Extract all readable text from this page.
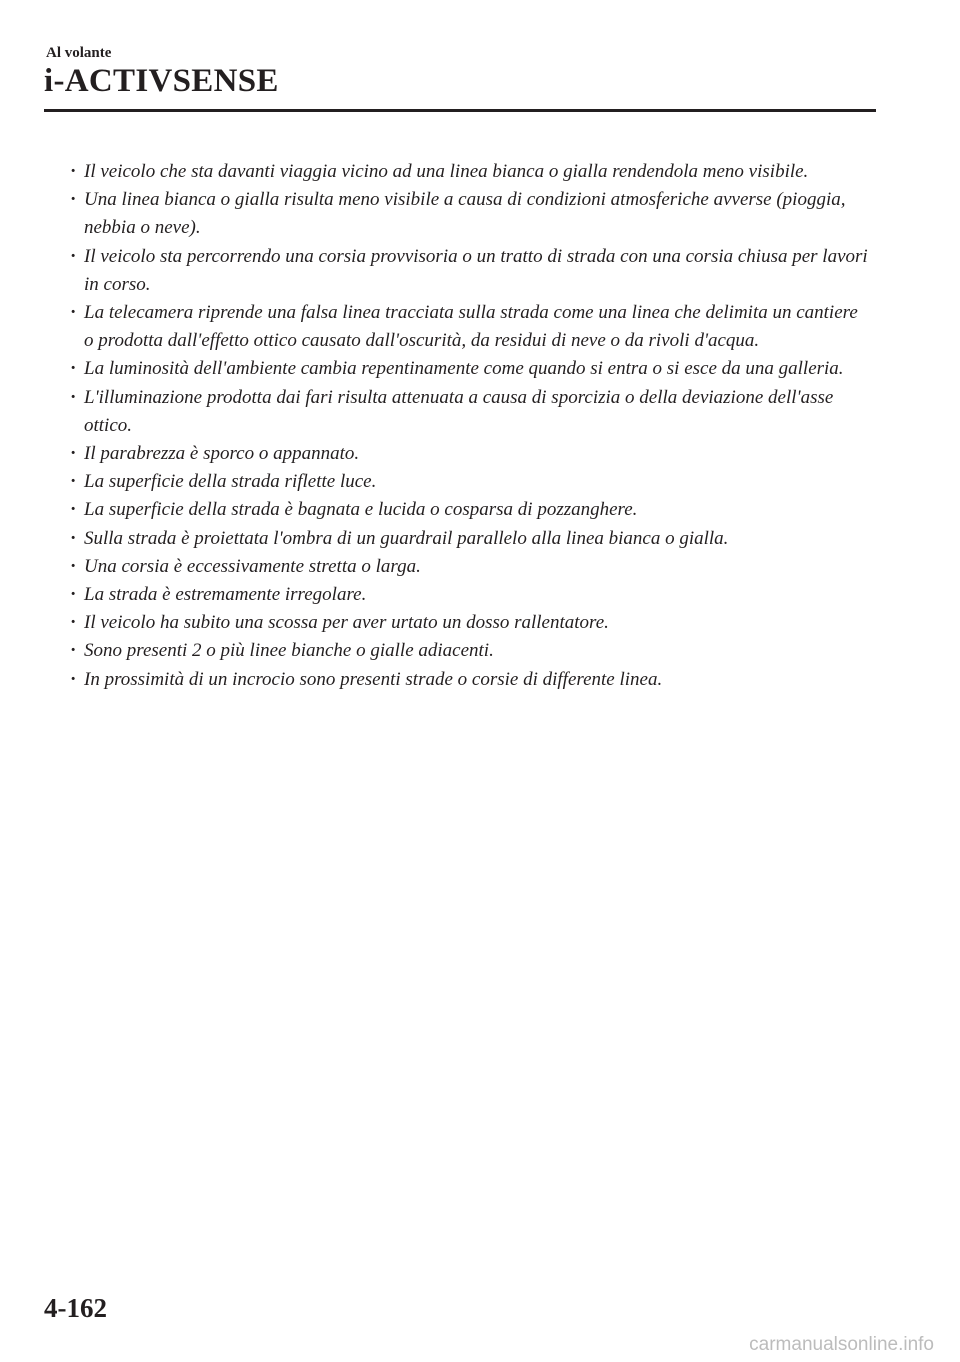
Al volante
i-ACTIVSENSE
· Il veicolo che sta davanti viaggia vicino ad una linea bianca o gialla rendendola meno visibile.
· Una linea bianca o gialla risulta meno visibile a causa di condizioni atmosferiche avverse (pioggia, nebbia o neve).
· Il veicolo sta percorrendo una corsia provvisoria o un tratto di strada con una corsia chiusa per lavori in corso.
· La telecamera riprende una falsa linea tracciata sulla strada come una linea che delimita un cantiere o prodotta dall'effetto ottico causato dall'oscurità, da residui di neve o da rivoli d'acqua.
· La luminosità dell'ambiente cambia repentinamente come quando si entra o si esce da una galleria.
· L'illuminazione prodotta dai fari risulta attenuata a causa di sporcizia o della deviazione dell'asse ottico.
· Il parabrezza è sporco o appannato.
· La superficie della strada riflette luce.
· La superficie della strada è bagnata e lucida o cosparsa di pozzanghere.
· Sulla strada è proiettata l'ombra di un guardrail parallelo alla linea bianca o gialla.
· Una corsia è eccessivamente stretta o larga.
· La strada è estremamente irregolare.
· Il veicolo ha subito una scossa per aver urtato un dosso rallentatore.
· Sono presenti 2 o più linee bianche o gialle adiacenti.
· In prossimità di un incrocio sono presenti strade o corsie di differente linea.
4-162
carmanualsonline.info
